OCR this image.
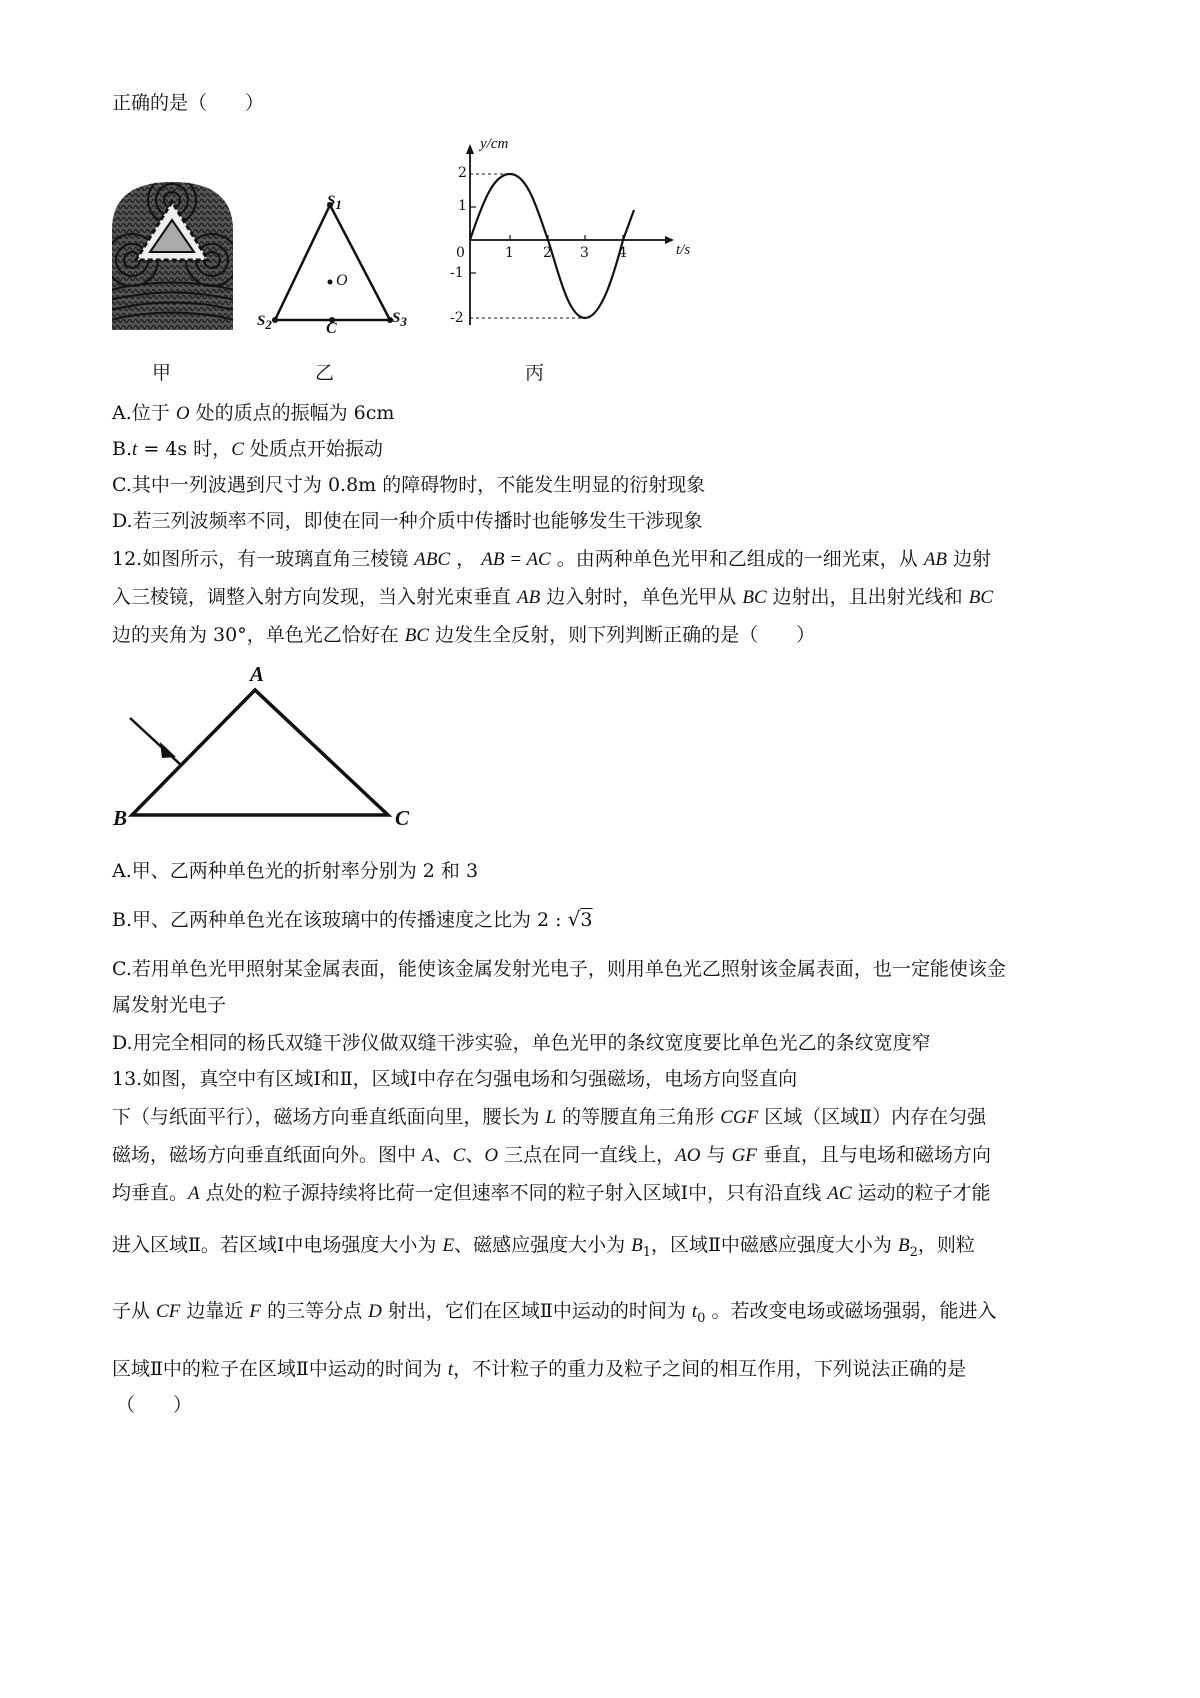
正确的是（　　）
$S_1$
$S_2$	$S_3$
O
C
y/cm
t/s
2
1
0
-1
-2
1 2 3 4
甲	乙	丙
A.位于 O 处的质点的振幅为 6cm
B.t = 4s 时，C 处质点开始振动
C.其中一列波遇到尺寸为 0.8m 的障碍物时，不能发生明显的衍射现象
D.若三列波频率不同，即使在同一种介质中传播时也能够发生干涉现象
12.如图所示，有一玻璃直角三棱镜 ABC ， AB = AC 。由两种单色光甲和乙组成的一细光束，从 AB 边射
入三棱镜，调整入射方向发现，当入射光束垂直 AB 边入射时，单色光甲从 BC 边射出，且出射光线和 BC
边的夹角为 30°，单色光乙恰好在 BC 边发生全反射，则下列判断正确的是（　　）
A
B	C
A.甲、乙两种单色光的折射率分别为 2 和 3
B.甲、乙两种单色光在该玻璃中的传播速度之比为 2 : √3
C.若用单色光甲照射某金属表面，能使该金属发射光电子，则用单色光乙照射该金属表面，也一定能使该金
属发射光电子
D.用完全相同的杨氏双缝干涉仪做双缝干涉实验，单色光甲的条纹宽度要比单色光乙的条纹宽度窄
13.如图，真空中有区域Ⅰ和Ⅱ，区域Ⅰ中存在匀强电场和匀强磁场，电场方向竖直向
下（与纸面平行），磁场方向垂直纸面向里，腰长为 L 的等腰直角三角形 CGF 区域（区域Ⅱ）内存在匀强
磁场，磁场方向垂直纸面向外。图中 A、C、O 三点在同一直线上，AO 与 GF 垂直，且与电场和磁场方向
均垂直。A 点处的粒子源持续将比荷一定但速率不同的粒子射入区域Ⅰ中，只有沿直线 AC 运动的粒子才能
进入区域Ⅱ。若区域Ⅰ中电场强度大小为 E、磁感应强度大小为 $B_1$，区域Ⅱ中磁感应强度大小为 $B_2$，则粒
子从 CF 边靠近 F 的三等分点 D 射出，它们在区域Ⅱ中运动的时间为 $t_0$ 。若改变电场或磁场强弱，能进入
区域Ⅱ中的粒子在区域Ⅱ中运动的时间为 t，不计粒子的重力及粒子之间的相互作用，下列说法正确的是
（　　）
